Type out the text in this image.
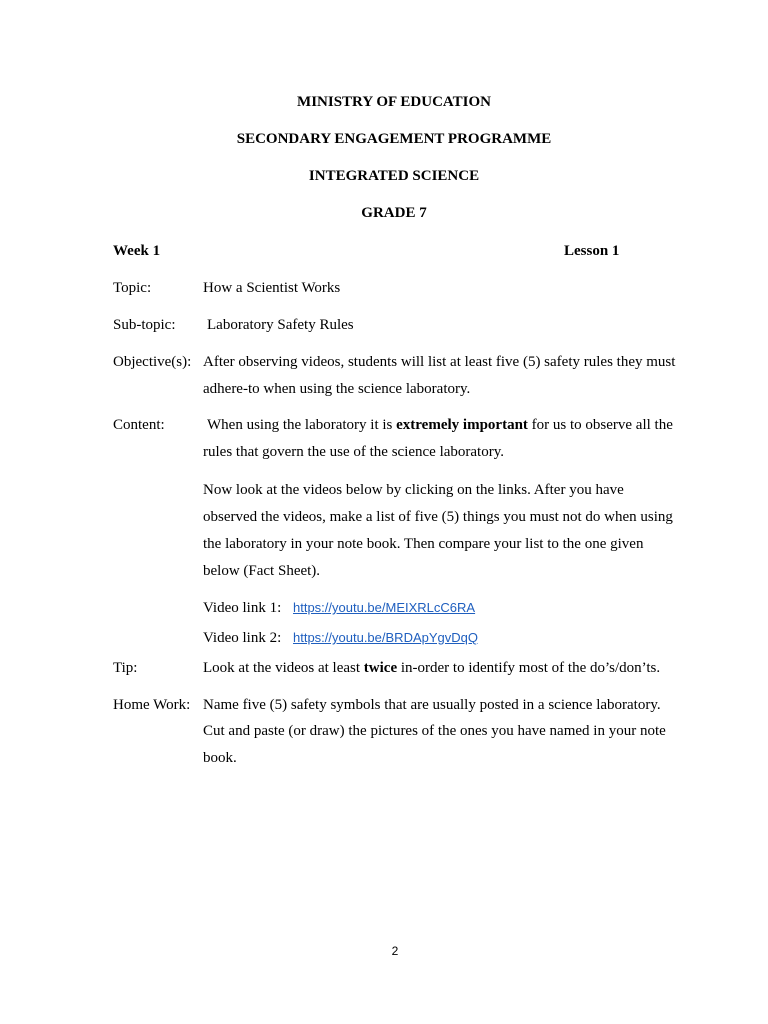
MINISTRY OF EDUCATION
SECONDARY ENGAGEMENT PROGRAMME
INTEGRATED SCIENCE
GRADE 7
Week 1	Lesson 1
Topic:	How a Scientist Works
Sub-topic: Laboratory Safety Rules
Objective(s): After observing videos, students will list at least five (5) safety rules they must
adhere-to when using the science laboratory.
Content:	When using the laboratory it is extremely important for us to observe all the
rules that govern the use of the science laboratory.
Now look at the videos below by clicking on the links. After you have
observed the videos, make a list of five (5) things you must not do when using
the laboratory in your note book. Then compare your list to the one given
below (Fact Sheet).
Video link 1: https://youtu.be/MEIXRLcC6RA
Video link 2: https://youtu.be/BRDApYgvDqQ
Tip:	Look at the videos at least twice in-order to identify most of the do’s/don’ts.
Home Work: Name five (5) safety symbols that are usually posted in a science laboratory.
Cut and paste (or draw) the pictures of the ones you have named in your note
book.
2
